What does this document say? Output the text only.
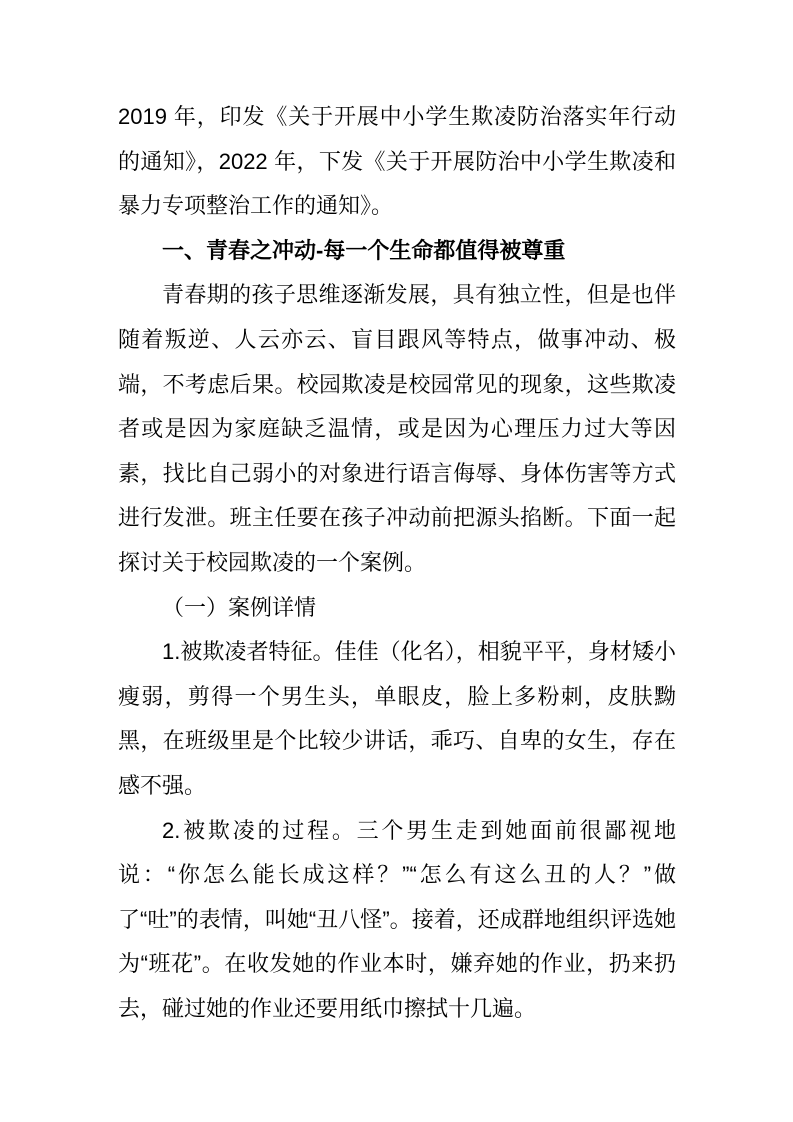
2019 年，印发《关于开展中小学生欺凌防治落实年行动的通知》，2022 年，下发《关于开展防治中小学生欺凌和暴力专项整治工作的通知》。

一、青春之冲动-每一个生命都值得被尊重

青春期的孩子思维逐渐发展，具有独立性，但是也伴随着叛逆、人云亦云、盲目跟风等特点，做事冲动、极端，不考虑后果。校园欺凌是校园常见的现象，这些欺凌者或是因为家庭缺乏温情，或是因为心理压力过大等因素，找比自己弱小的对象进行语言侮辱、身体伤害等方式进行发泄。班主任要在孩子冲动前把源头掐断。下面一起探讨关于校园欺凌的一个案例。

（一）案例详情

1.被欺凌者特征。佳佳（化名），相貌平平，身材矮小瘦弱，剪得一个男生头，单眼皮，脸上多粉刺，皮肤黝黑，在班级里是个比较少讲话，乖巧、自卑的女生，存在感不强。

2.被欺凌的过程。三个男生走到她面前很鄙视地说：“你怎么能长成这样？”“怎么有这么丑的人？”做了“吐”的表情，叫她“丑八怪”。接着，还成群地组织评选她为“班花”。在收发她的作业本时，嫌弃她的作业，扔来扔去，碰过她的作业还要用纸巾擦拭十几遍。
